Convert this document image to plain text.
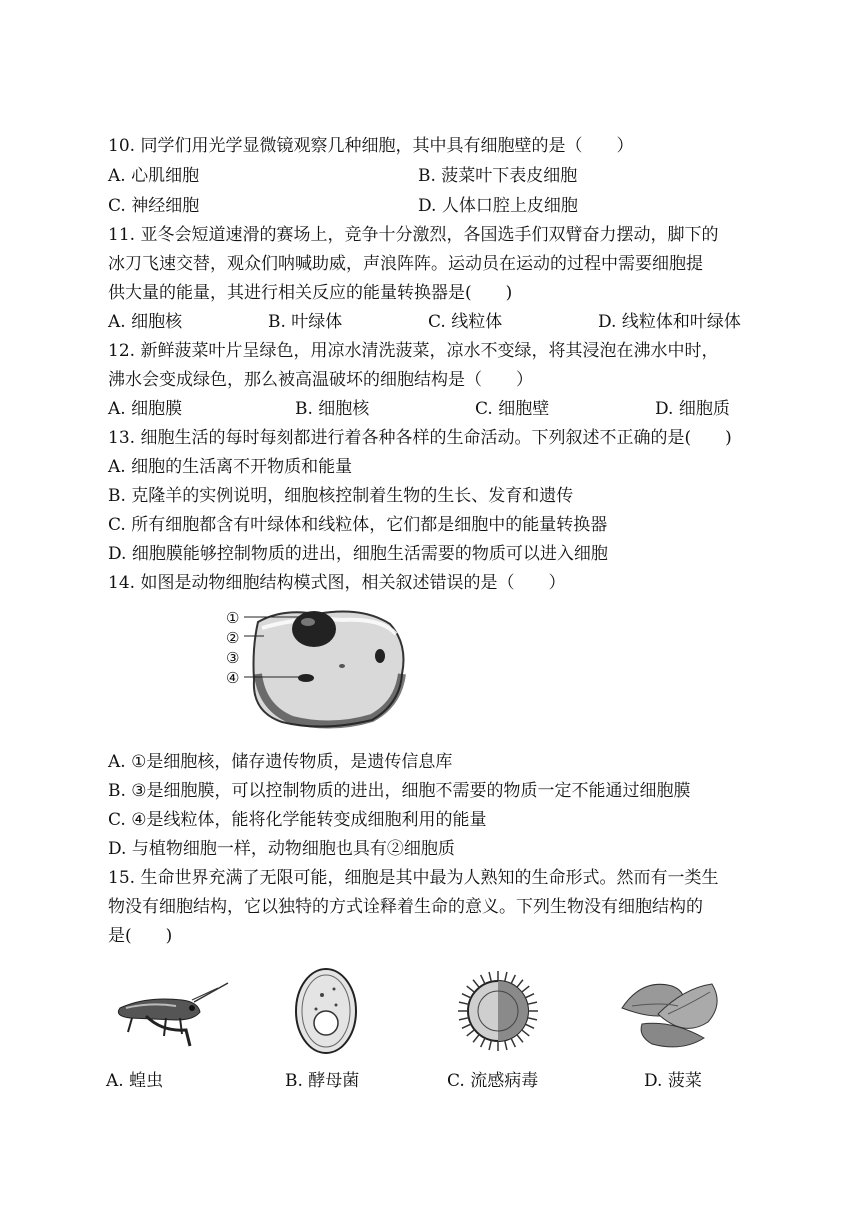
10. 同学们用光学显微镜观察几种细胞，其中具有细胞壁的是（　　）
A. 心肌细胞	B. 菠菜叶下表皮细胞
C. 神经细胞	D. 人体口腔上皮细胞
11. 亚冬会短道速滑的赛场上，竞争十分激烈，各国选手们双臂奋力摆动，脚下的
冰刀飞速交替，观众们呐喊助威，声浪阵阵。运动员在运动的过程中需要细胞提
供大量的能量，其进行相关反应的能量转换器是(　　)
A. 细胞核	B. 叶绿体	C. 线粒体	D. 线粒体和叶绿体
12. 新鲜菠菜叶片呈绿色，用凉水清洗菠菜，凉水不变绿，将其浸泡在沸水中时，
沸水会变成绿色，那么被高温破坏的细胞结构是（　　）
A. 细胞膜	B. 细胞核	C. 细胞壁	D. 细胞质
13. 细胞生活的每时每刻都进行着各种各样的生命活动。下列叙述不正确的是(　　)
A. 细胞的生活离不开物质和能量
B. 克隆羊的实例说明，细胞核控制着生物的生长、发育和遗传
C. 所有细胞都含有叶绿体和线粒体，它们都是细胞中的能量转换器
D. 细胞膜能够控制物质的进出，细胞生活需要的物质可以进入细胞
14. 如图是动物细胞结构模式图，相关叙述错误的是（　　）
①
②
③
④
A. ①是细胞核，储存遗传物质，是遗传信息库
B. ③是细胞膜，可以控制物质的进出，细胞不需要的物质一定不能通过细胞膜
C. ④是线粒体，能将化学能转变成细胞利用的能量
D. 与植物细胞一样，动物细胞也具有②细胞质
15. 生命世界充满了无限可能，细胞是其中最为人熟知的生命形式。然而有一类生
物没有细胞结构，它以独特的方式诠释着生命的意义。下列生物没有细胞结构的
是(　　)
A. 蝗虫	B. 酵母菌	C. 流感病毒	D. 菠菜
